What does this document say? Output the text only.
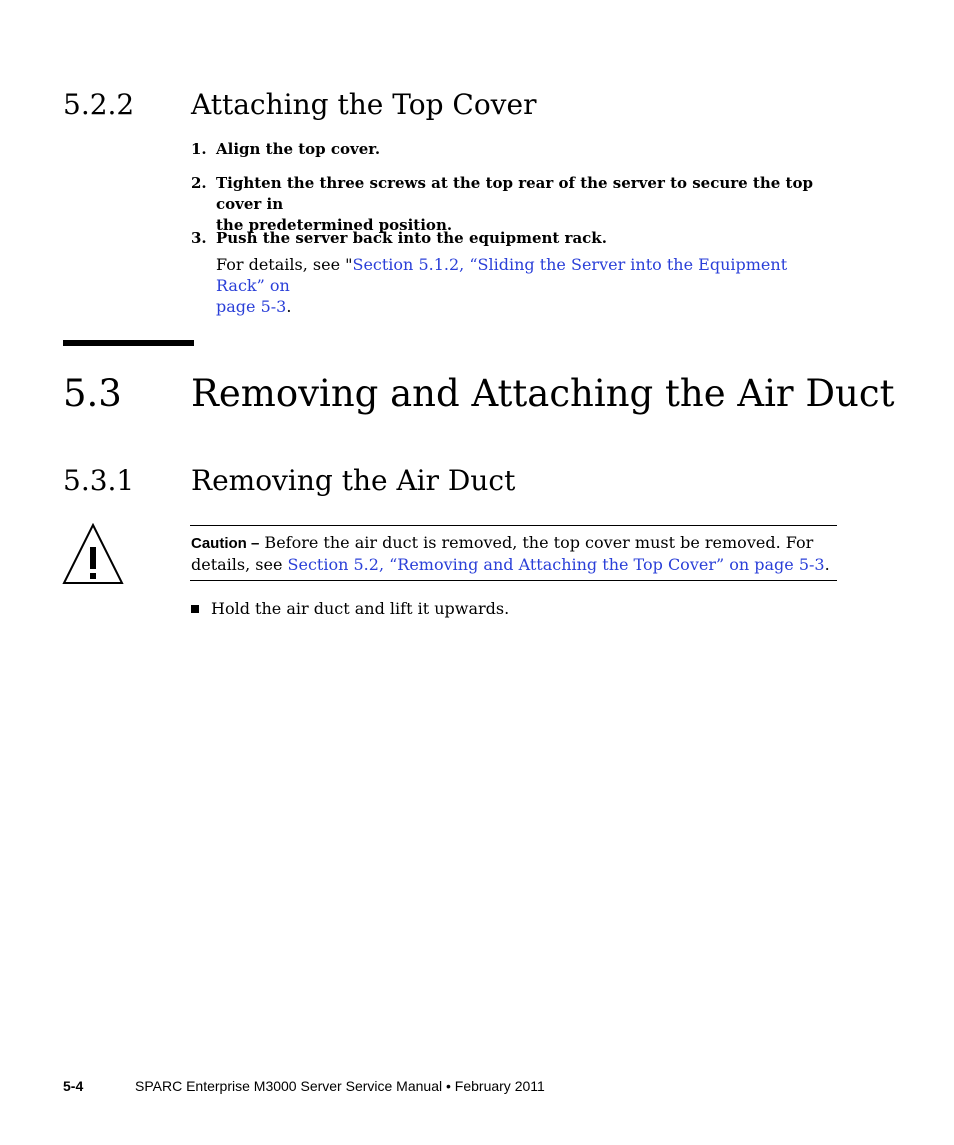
5.2.2 Attaching the Top Cover
1. Align the top cover.
2. Tighten the three screws at the top rear of the server to secure the top cover in
the predetermined position.
3. Push the server back into the equipment rack.
For details, see "Section 5.1.2, “Sliding the Server into the Equipment Rack” on
page 5-3.
5.3 Removing and Attaching the Air Duct
5.3.1 Removing the Air Duct
Caution – Before the air duct is removed, the top cover must be removed. For
details, see Section 5.2, “Removing and Attaching the Top Cover” on page 5-3.
Hold the air duct and lift it upwards.
5-4	SPARC Enterprise M3000 Server Service Manual • February 2011
